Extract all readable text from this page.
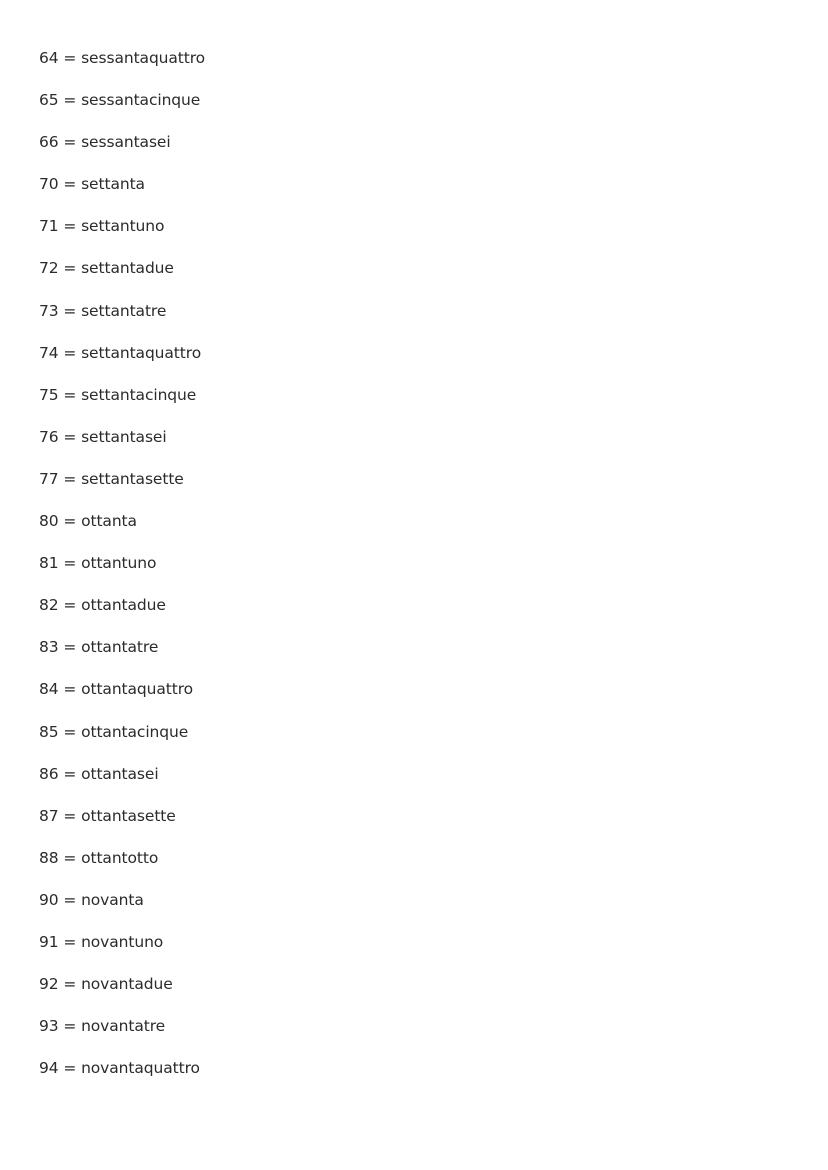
64 = sessantaquattro
65 = sessantacinque
66 = sessantasei
70 = settanta
71 = settantuno
72 = settantadue
73 = settantatre
74 = settantaquattro
75 = settantacinque
76 = settantasei
77 = settantasette
80 = ottanta
81 = ottantuno
82 = ottantadue
83 = ottantatre
84 = ottantaquattro
85 = ottantacinque
86 = ottantasei
87 = ottantasette
88 = ottantotto
90 = novanta
91 = novantuno
92 = novantadue
93 = novantatre
94 = novantaquattro
